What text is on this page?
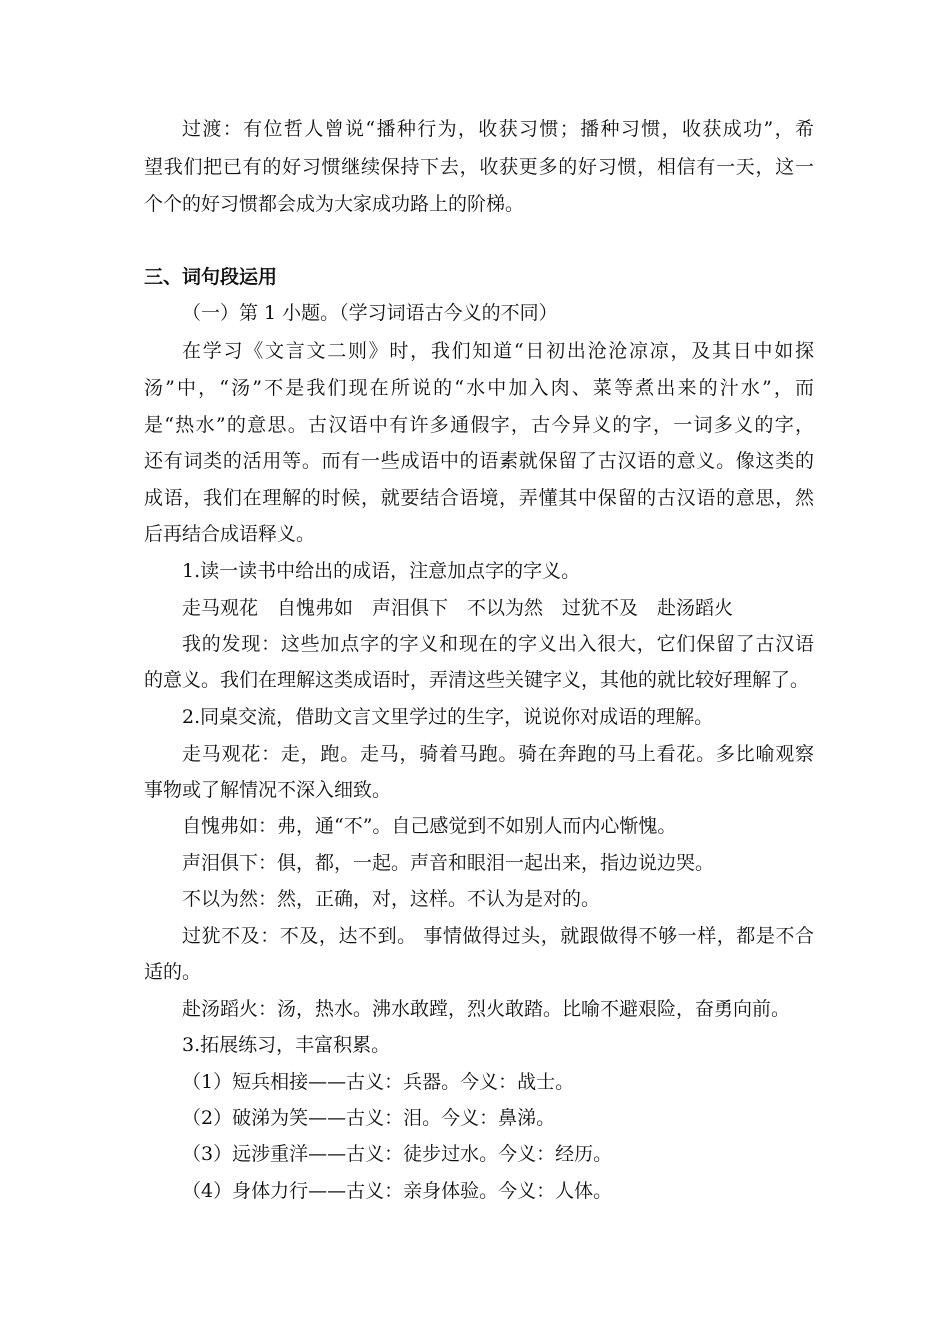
过渡：有位哲人曾说“播种行为，收获习惯；播种习惯，收获成功”，希
望我们把已有的好习惯继续保持下去，收获更多的好习惯，相信有一天，这一
个个的好习惯都会成为大家成功路上的阶梯。
三、词句段运用
（一）第 1 小题。（学习词语古今义的不同）
在学习《文言文二则》时，我们知道“日初出沧沧凉凉，及其日中如探
汤”中，“汤”不是我们现在所说的“水中加入肉、菜等煮出来的汁水”，而
是“热水”的意思。古汉语中有许多通假字，古今异义的字，一词多义的字，
还有词类的活用等。而有一些成语中的语素就保留了古汉语的意义。像这类的
成语，我们在理解的时候，就要结合语境，弄懂其中保留的古汉语的意思，然
后再结合成语释义。
1.读一读书中给出的成语，注意加点字的字义。
走马观花　自愧弗如　声泪俱下　不以为然　过犹不及　赴汤蹈火
我的发现：这些加点字的字义和现在的字义出入很大，它们保留了古汉语
的意义。我们在理解这类成语时，弄清这些关键字义，其他的就比较好理解了。
2.同桌交流，借助文言文里学过的生字，说说你对成语的理解。
走马观花：走，跑。走马，骑着马跑。骑在奔跑的马上看花。多比喻观察
事物或了解情况不深入细致。
自愧弗如：弗，通“不”。自己感觉到不如别人而内心惭愧。
声泪俱下：俱，都，一起。声音和眼泪一起出来，指边说边哭。
不以为然：然，正确，对，这样。不认为是对的。
过犹不及：不及，达不到。 事情做得过头，就跟做得不够一样，都是不合
适的。
赴汤蹈火：汤，热水。沸水敢蹚，烈火敢踏。比喻不避艰险，奋勇向前。
3.拓展练习，丰富积累。
（1）短兵相接——古义：兵器。今义：战士。
（2）破涕为笑——古义：泪。今义：鼻涕。
（3）远涉重洋——古义：徒步过水。今义：经历。
（4）身体力行——古义：亲身体验。今义：人体。
